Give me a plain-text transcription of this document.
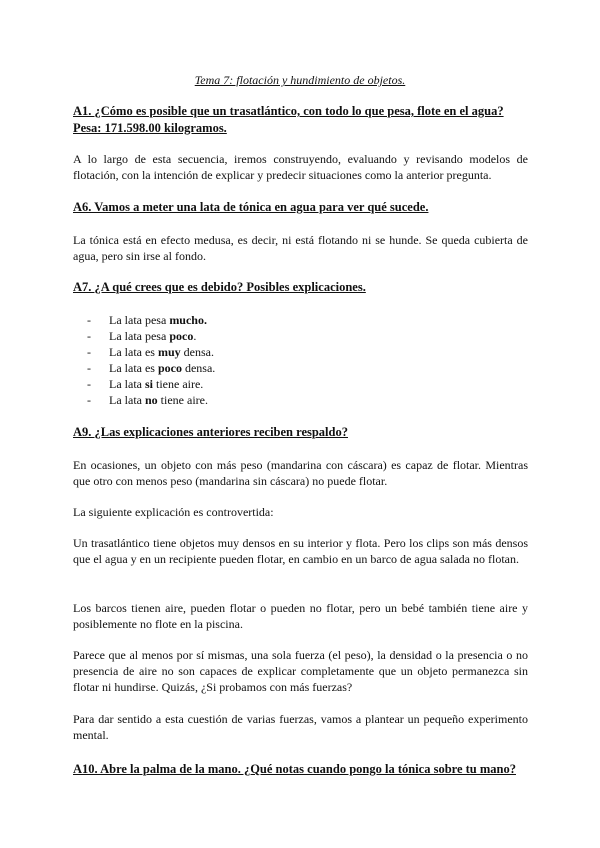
Tema 7: flotación y hundimiento de objetos.
A1. ¿Cómo es posible que un trasatlántico, con todo lo que pesa, flote en el agua? Pesa: 171.598.00 kilogramos.
A lo largo de esta secuencia, iremos construyendo, evaluando y revisando modelos de flotación, con la intención de explicar y predecir situaciones como la anterior pregunta.
A6. Vamos a meter una lata de tónica en agua para ver qué sucede.
La tónica está en efecto medusa, es decir, ni está flotando ni se hunde. Se queda cubierta de agua, pero sin irse al fondo.
A7. ¿A qué crees que es debido? Posibles explicaciones.
- La lata pesa mucho.
- La lata pesa poco.
- La lata es muy densa.
- La lata es poco densa.
- La lata si tiene aire.
- La lata no tiene aire.
A9. ¿Las explicaciones anteriores reciben respaldo?
En ocasiones, un objeto con más peso (mandarina con cáscara) es capaz de flotar. Mientras que otro con menos peso (mandarina sin cáscara) no puede flotar.
La siguiente explicación es controvertida:
Un trasatlántico tiene objetos muy densos en su interior y flota. Pero los clips son más densos que el agua y en un recipiente pueden flotar, en cambio en un barco de agua salada no flotan.
Los barcos tienen aire, pueden flotar o pueden no flotar, pero un bebé también tiene aire y posiblemente no flote en la piscina.
Parece que al menos por sí mismas, una sola fuerza (el peso), la densidad o la presencia o no presencia de aire no son capaces de explicar completamente que un objeto permanezca sin flotar ni hundirse. Quizás, ¿Si probamos con más fuerzas?
Para dar sentido a esta cuestión de varias fuerzas, vamos a plantear un pequeño experimento mental.
A10. Abre la palma de la mano. ¿Qué notas cuando pongo la tónica sobre tu mano?
